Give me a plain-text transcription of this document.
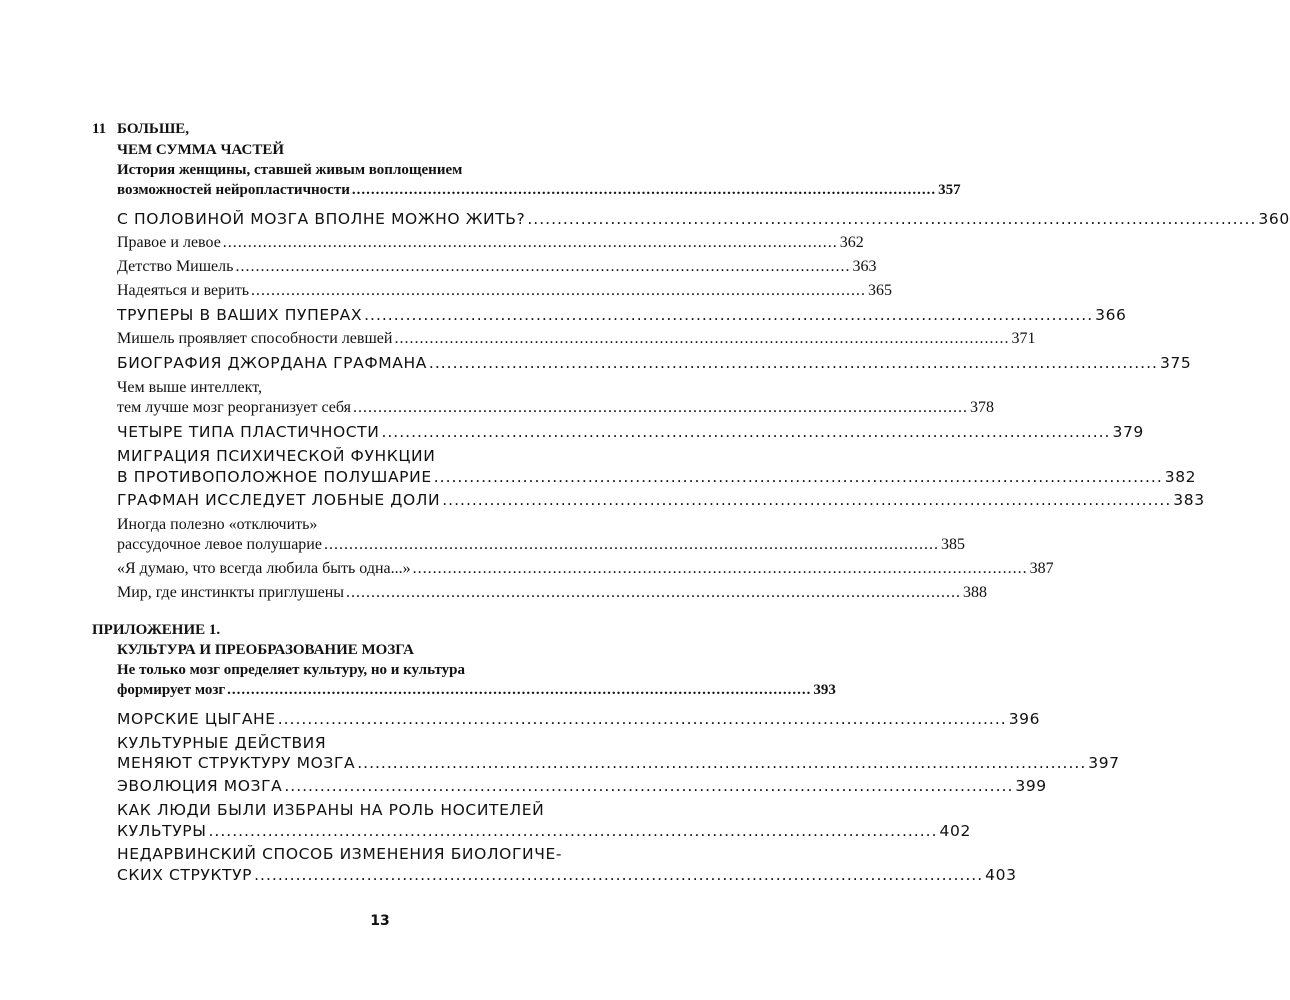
11 БОЛЬШЕ,
ЧЕМ СУММА ЧАСТЕЙ
История женщины, ставшей живым воплощением
возможностей нейропластичности ........................................................................................................................... 357
С ПОЛОВИНОЙ МОЗГА ВПОЛНЕ МОЖНО ЖИТЬ? ........................................................................................................................... 360
Правое и левое ........................................................................................................................... 362
Детство Мишель ........................................................................................................................... 363
Надеяться и верить ........................................................................................................................... 365
ТРУПЕРЫ В ВАШИХ ПУПЕРАХ ........................................................................................................................... 366
Мишель проявляет способности левшей ........................................................................................................................... 371
БИОГРАФИЯ ДЖОРДАНА ГРАФМАНА ........................................................................................................................... 375
Чем выше интеллект,
тем лучше мозг реорганизует себя ........................................................................................................................... 378
ЧЕТЫРЕ ТИПА ПЛАСТИЧНОСТИ ........................................................................................................................... 379
МИГРАЦИЯ ПСИХИЧЕСКОЙ ФУНКЦИИ
В ПРОТИВОПОЛОЖНОЕ ПОЛУШАРИЕ ........................................................................................................................... 382
ГРАФМАН ИССЛЕДУЕТ ЛОБНЫЕ ДОЛИ ........................................................................................................................... 383
Иногда полезно «отключить»
рассудочное левое полушарие ........................................................................................................................... 385
«Я думаю, что всегда любила быть одна...» ........................................................................................................................... 387
Мир, где инстинкты приглушены ........................................................................................................................... 388
ПРИЛОЖЕНИЕ 1.
КУЛЬТУРА И ПРЕОБРАЗОВАНИЕ МОЗГА
Не только мозг определяет культуру, но и культура
формирует мозг ........................................................................................................................... 393
МОРСКИЕ ЦЫГАНЕ ........................................................................................................................... 396
КУЛЬТУРНЫЕ ДЕЙСТВИЯ
МЕНЯЮТ СТРУКТУРУ МОЗГА ........................................................................................................................... 397
ЭВОЛЮЦИЯ МОЗГА ........................................................................................................................... 399
КАК ЛЮДИ БЫЛИ ИЗБРАНЫ НА РОЛЬ НОСИТЕЛЕЙ
КУЛЬТУРЫ ........................................................................................................................... 402
НЕДАРВИНСКИЙ СПОСОБ ИЗМЕНЕНИЯ БИОЛОГИЧЕ-
СКИХ СТРУКТУР ........................................................................................................................... 403
13
